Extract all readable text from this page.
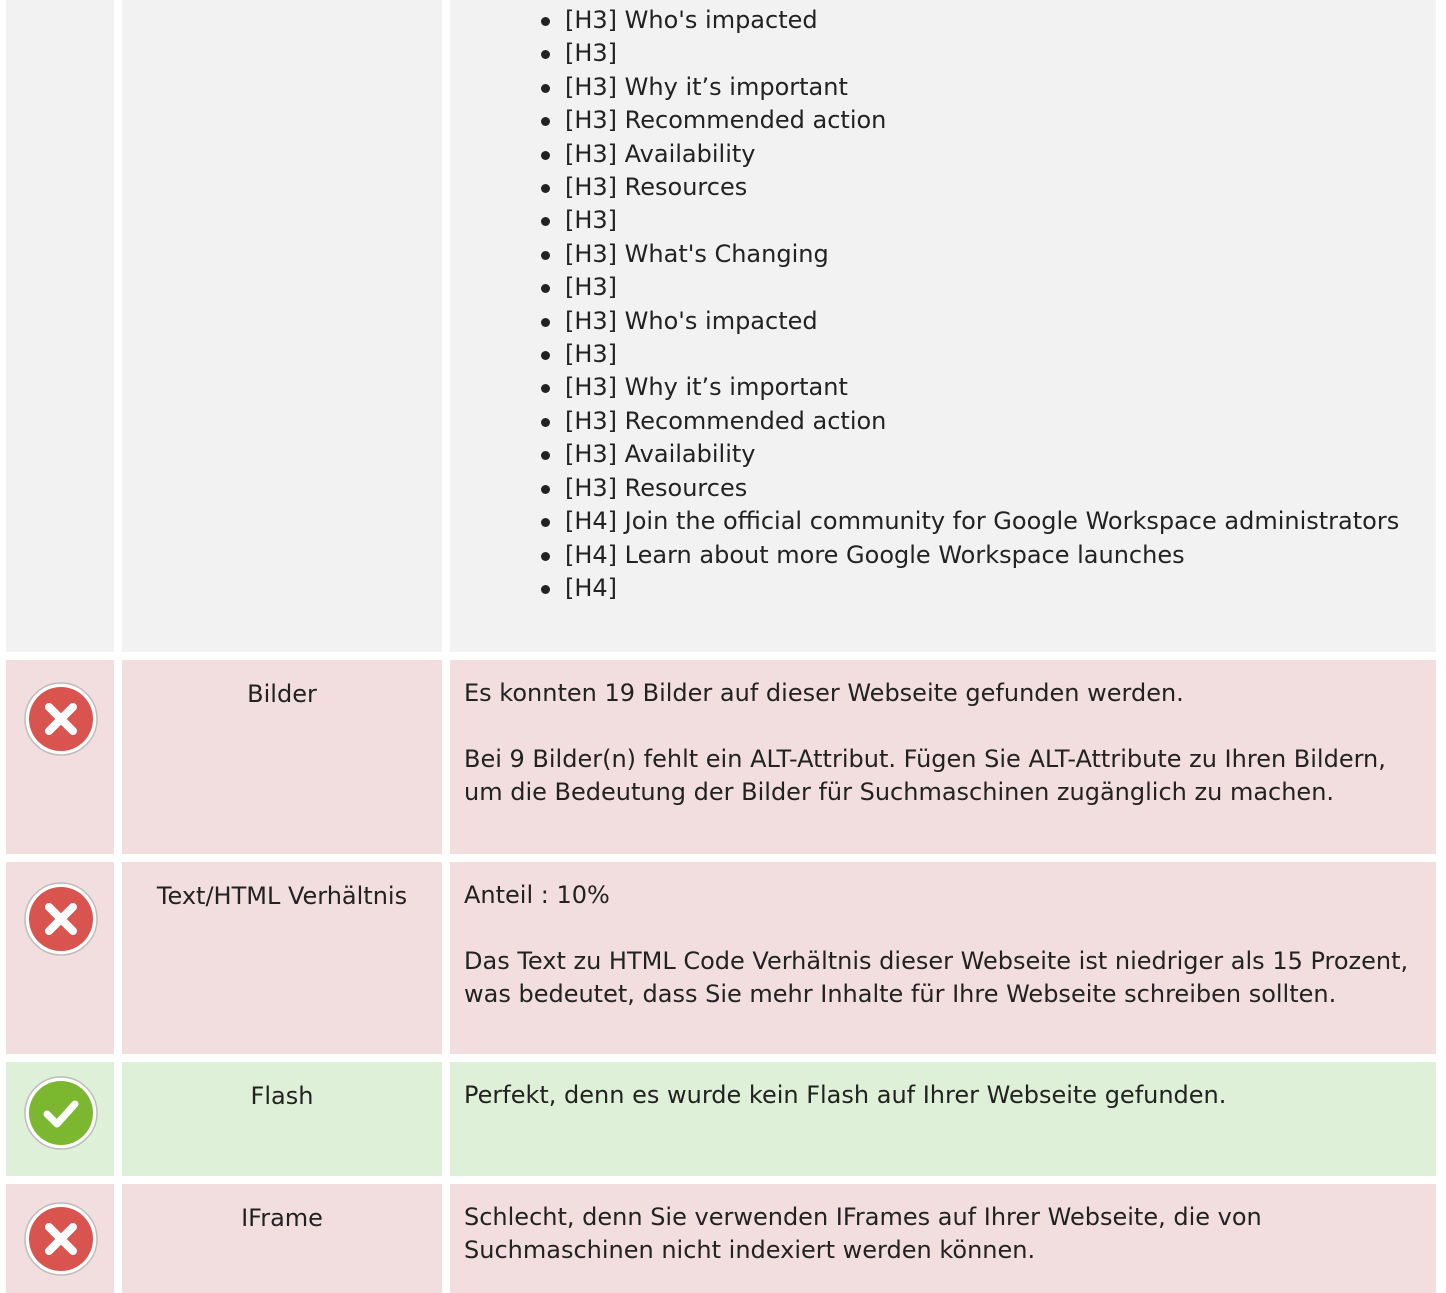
[H3] Who's impacted
[H3]
[H3] Why it’s important
[H3] Recommended action
[H3] Availability
[H3] Resources
[H3]
[H3] What's Changing
[H3]
[H3] Who's impacted
[H3]
[H3] Why it’s important
[H3] Recommended action
[H3] Availability
[H3] Resources
[H4] Join the official community for Google Workspace administrators
[H4] Learn about more Google Workspace launches
[H4]
Bilder	Es konnten 19 Bilder auf dieser Webseite gefunden werden.

Bei 9 Bilder(n) fehlt ein ALT-Attribut. Fügen Sie ALT-Attribute zu Ihren Bildern, um die Bedeutung der Bilder für Suchmaschinen zugänglich zu machen.

Text/HTML Verhältnis	Anteil : 10%

Das Text zu HTML Code Verhältnis dieser Webseite ist niedriger als 15 Prozent, was bedeutet, dass Sie mehr Inhalte für Ihre Webseite schreiben sollten.

Flash	Perfekt, denn es wurde kein Flash auf Ihrer Webseite gefunden.

IFrame	Schlecht, denn Sie verwenden IFrames auf Ihrer Webseite, die von Suchmaschinen nicht indexiert werden können.
